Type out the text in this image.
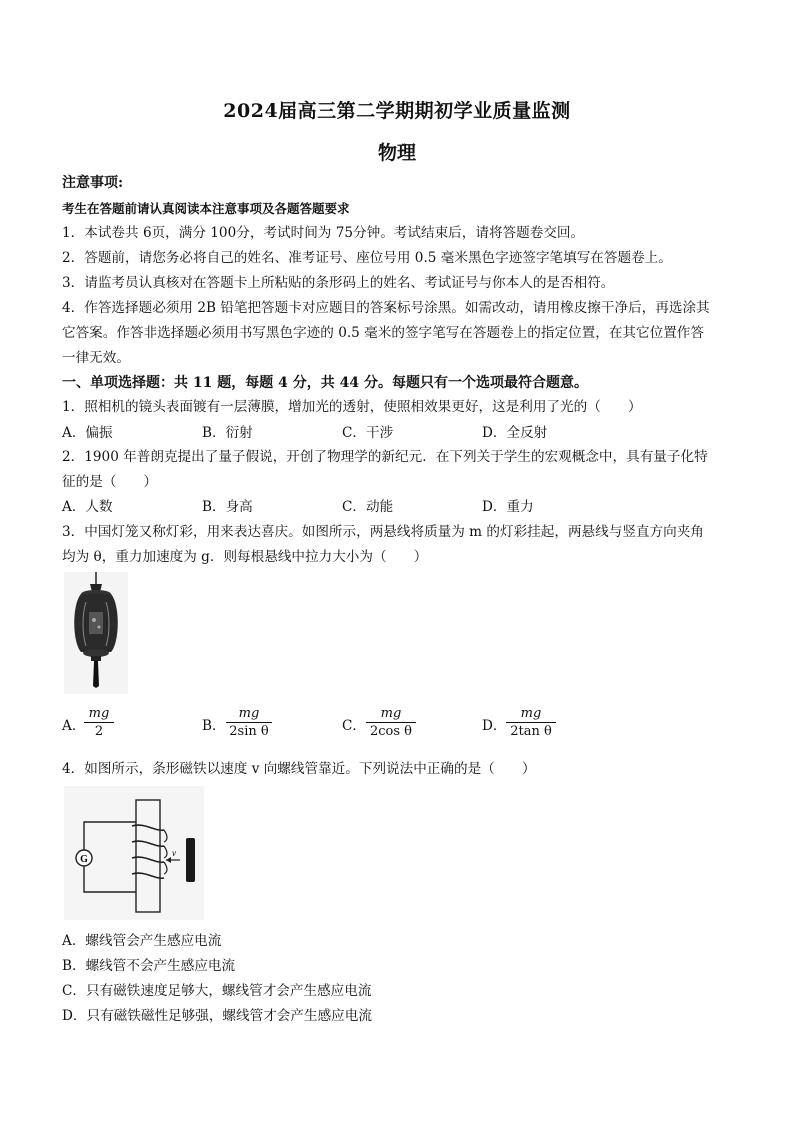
2024届高三第二学期期初学业质量监测
物理
注意事项:
考生在答题前请认真阅读本注意事项及各题答题要求
1．本试卷共 6页，满分 100分，考试时间为 75分钟。考试结束后，请将答题卷交回。
2．答题前，请您务必将自己的姓名、准考证号、座位号用 0.5 毫米黑色字迹签字笔填写在答题卷上。
3．请监考员认真核对在答题卡上所粘贴的条形码上的姓名、考试证号与你本人的是否相符。
4．作答选择题必须用 2B 铅笔把答题卡对应题目的答案标号涂黑。如需改动，请用橡皮擦干净后，再选涂其
它答案。作答非选择题必须用书写黑色字迹的 0.5 毫米的签字笔写在答题卷上的指定位置，在其它位置作答
一律无效。
一、单项选择题：共 11 题，每题 4 分，共 44 分。每题只有一个选项最符合题意。
1．照相机的镜头表面镀有一层薄膜，增加光的透射，使照相效果更好，这是利用了光的（　　）
A．偏振	B．衍射	C．干涉	D．全反射
2．1900 年普朗克提出了量子假说，开创了物理学的新纪元．在下列关于学生的宏观概念中，具有量子化特
征的是（　　）
A．人数	B．身高	C．动能	D．重力
3．中国灯笼又称灯彩，用来表达喜庆。如图所示，两悬线将质量为 m 的灯彩挂起，两悬线与竖直方向夹角
均为 θ，重力加速度为 g．则每根悬线中拉力大小为（　　）
A．
mg
2	B．
mg
2sin θ	C．
mg
2cos θ	D．
mg
2tan θ
4．如图所示，条形磁铁以速度 v 向螺线管靠近。下列说法中正确的是（　　）
G
v
A．螺线管会产生感应电流
B．螺线管不会产生感应电流
C．只有磁铁速度足够大，螺线管才会产生感应电流
D．只有磁铁磁性足够强，螺线管才会产生感应电流
